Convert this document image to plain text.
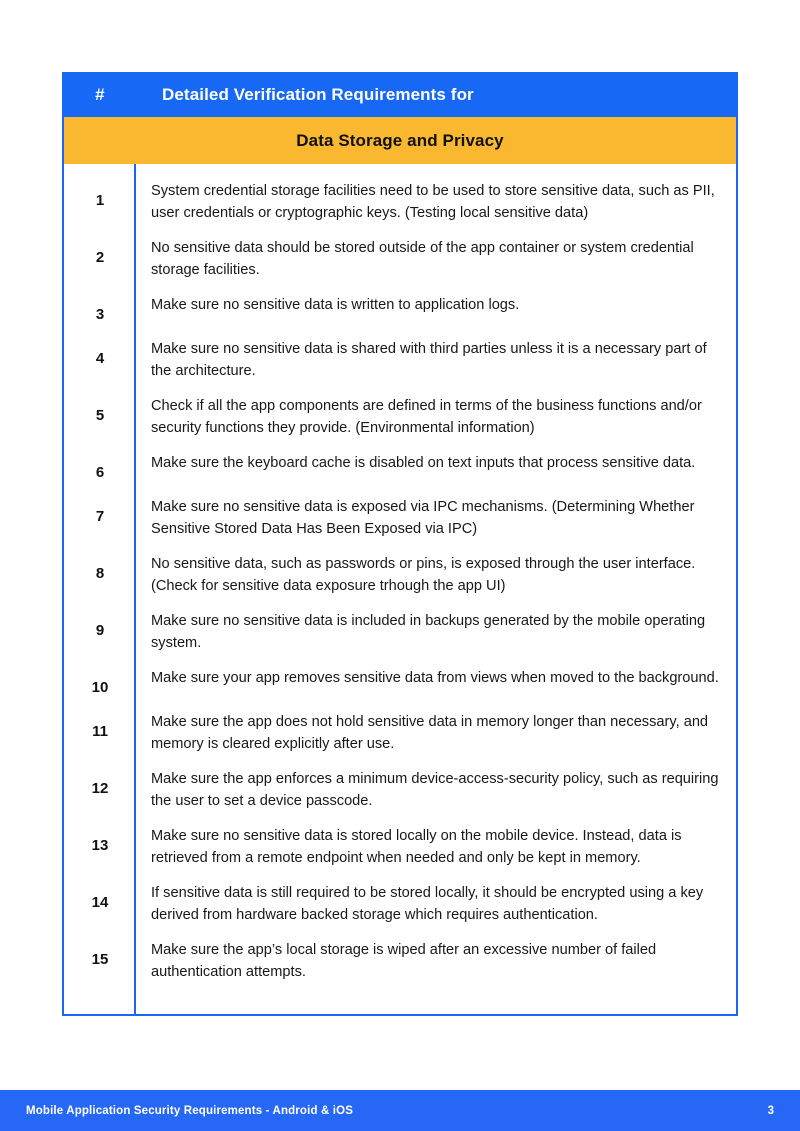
#	Detailed Verification Requirements for
Data Storage and Privacy
1
System credential storage facilities need to be used to store sensitive data, such as PII, user credentials or cryptographic keys. (Testing local sensitive data)
2
No sensitive data should be stored outside of the app container or system credential storage facilities.
3
Make sure no sensitive data is written to application logs.
4
Make sure no sensitive data is shared with third parties unless it is a necessary part of the architecture.
5
Check if all the app components are defined in terms of the business functions and/or security functions they provide. (Environmental information)
6
Make sure the keyboard cache is disabled on text inputs that process sensitive data.
7
Make sure no sensitive data is exposed via IPC mechanisms. (Determining Whether Sensitive Stored Data Has Been Exposed via IPC)
8
No sensitive data, such as passwords or pins, is exposed through the user interface. (Check for sensitive data exposure trhough the app UI)
9
Make sure no sensitive data is included in backups generated by the mobile operating system.
10
Make sure your app removes sensitive data from views when moved to the background.
11
Make sure the app does not hold sensitive data in memory longer than necessary, and memory is cleared explicitly after use.
12
Make sure the app enforces a minimum device-access-security policy, such as requiring the user to set a device passcode.
13
Make sure no sensitive data is stored locally on the mobile device. Instead, data is retrieved from a remote endpoint when needed and only be kept in memory.
14
If sensitive data is still required to be stored locally, it should be encrypted using a key derived from hardware backed storage which requires authentication.
15
Make sure the app’s local storage is wiped after an excessive number of failed authentication attempts.
Mobile Application Security Requirements - Android & iOS	3
